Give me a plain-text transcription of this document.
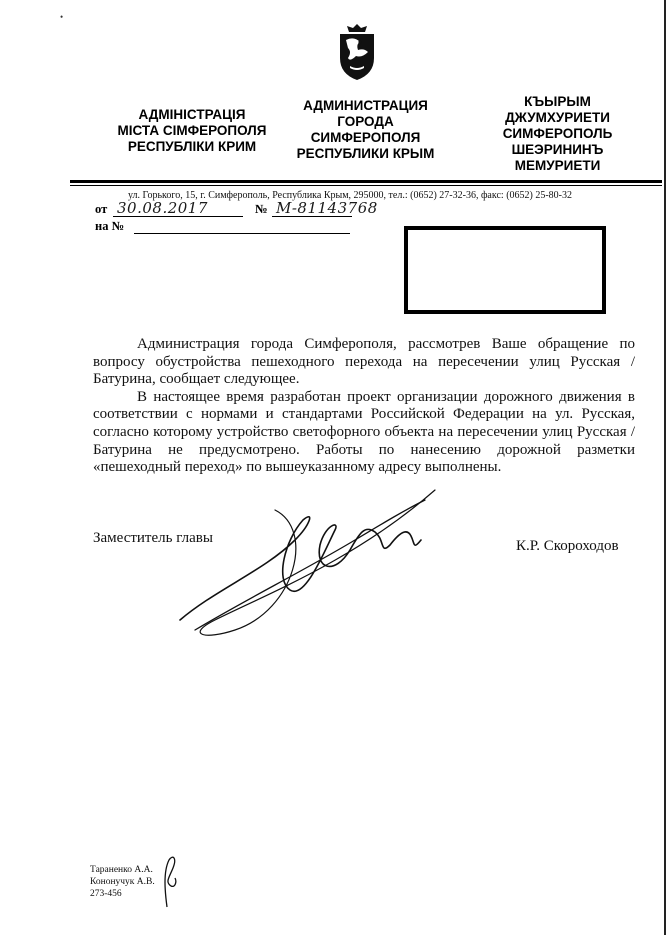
•
АДМІНІСТРАЦІЯ
МІСТА СІМФЕРОПОЛЯ
РЕСПУБЛІКИ КРИМ
АДМИНИСТРАЦИЯ
ГОРОДА
СИМФЕРОПОЛЯ
РЕСПУБЛИКИ КРЫМ
КЪЫРЫМ
ДЖУМХУРИЕТИ
СИМФЕРОПОЛЬ
ШЕЭРИНИНЪ
МЕМУРИЕТИ
ул. Горького, 15, г. Симферополь, Республика Крым, 295000, тел.: (0652) 27-32-36, факс: (0652) 25-80-32
от 30.08.2017	№ М-81143768
на №

Администрация города Симферополя, рассмотрев Ваше обращение по вопросу обустройства пешеходного перехода на пересечении улиц Русская / Батурина, сообщает следующее.

В настоящее время разработан проект организации дорожного движения в соответствии с нормами и стандартами Российской Федерации на ул. Русская, согласно которому устройство светофорного объекта на пересечении улиц Русская / Батурина не предусмотрено. Работы по нанесению дорожной разметки «пешеходный переход» по вышеуказанному адресу выполнены.

Заместитель главы	К.Р. Скороходов
Тараненко А.А.
Кононучук А.В.
273-456
